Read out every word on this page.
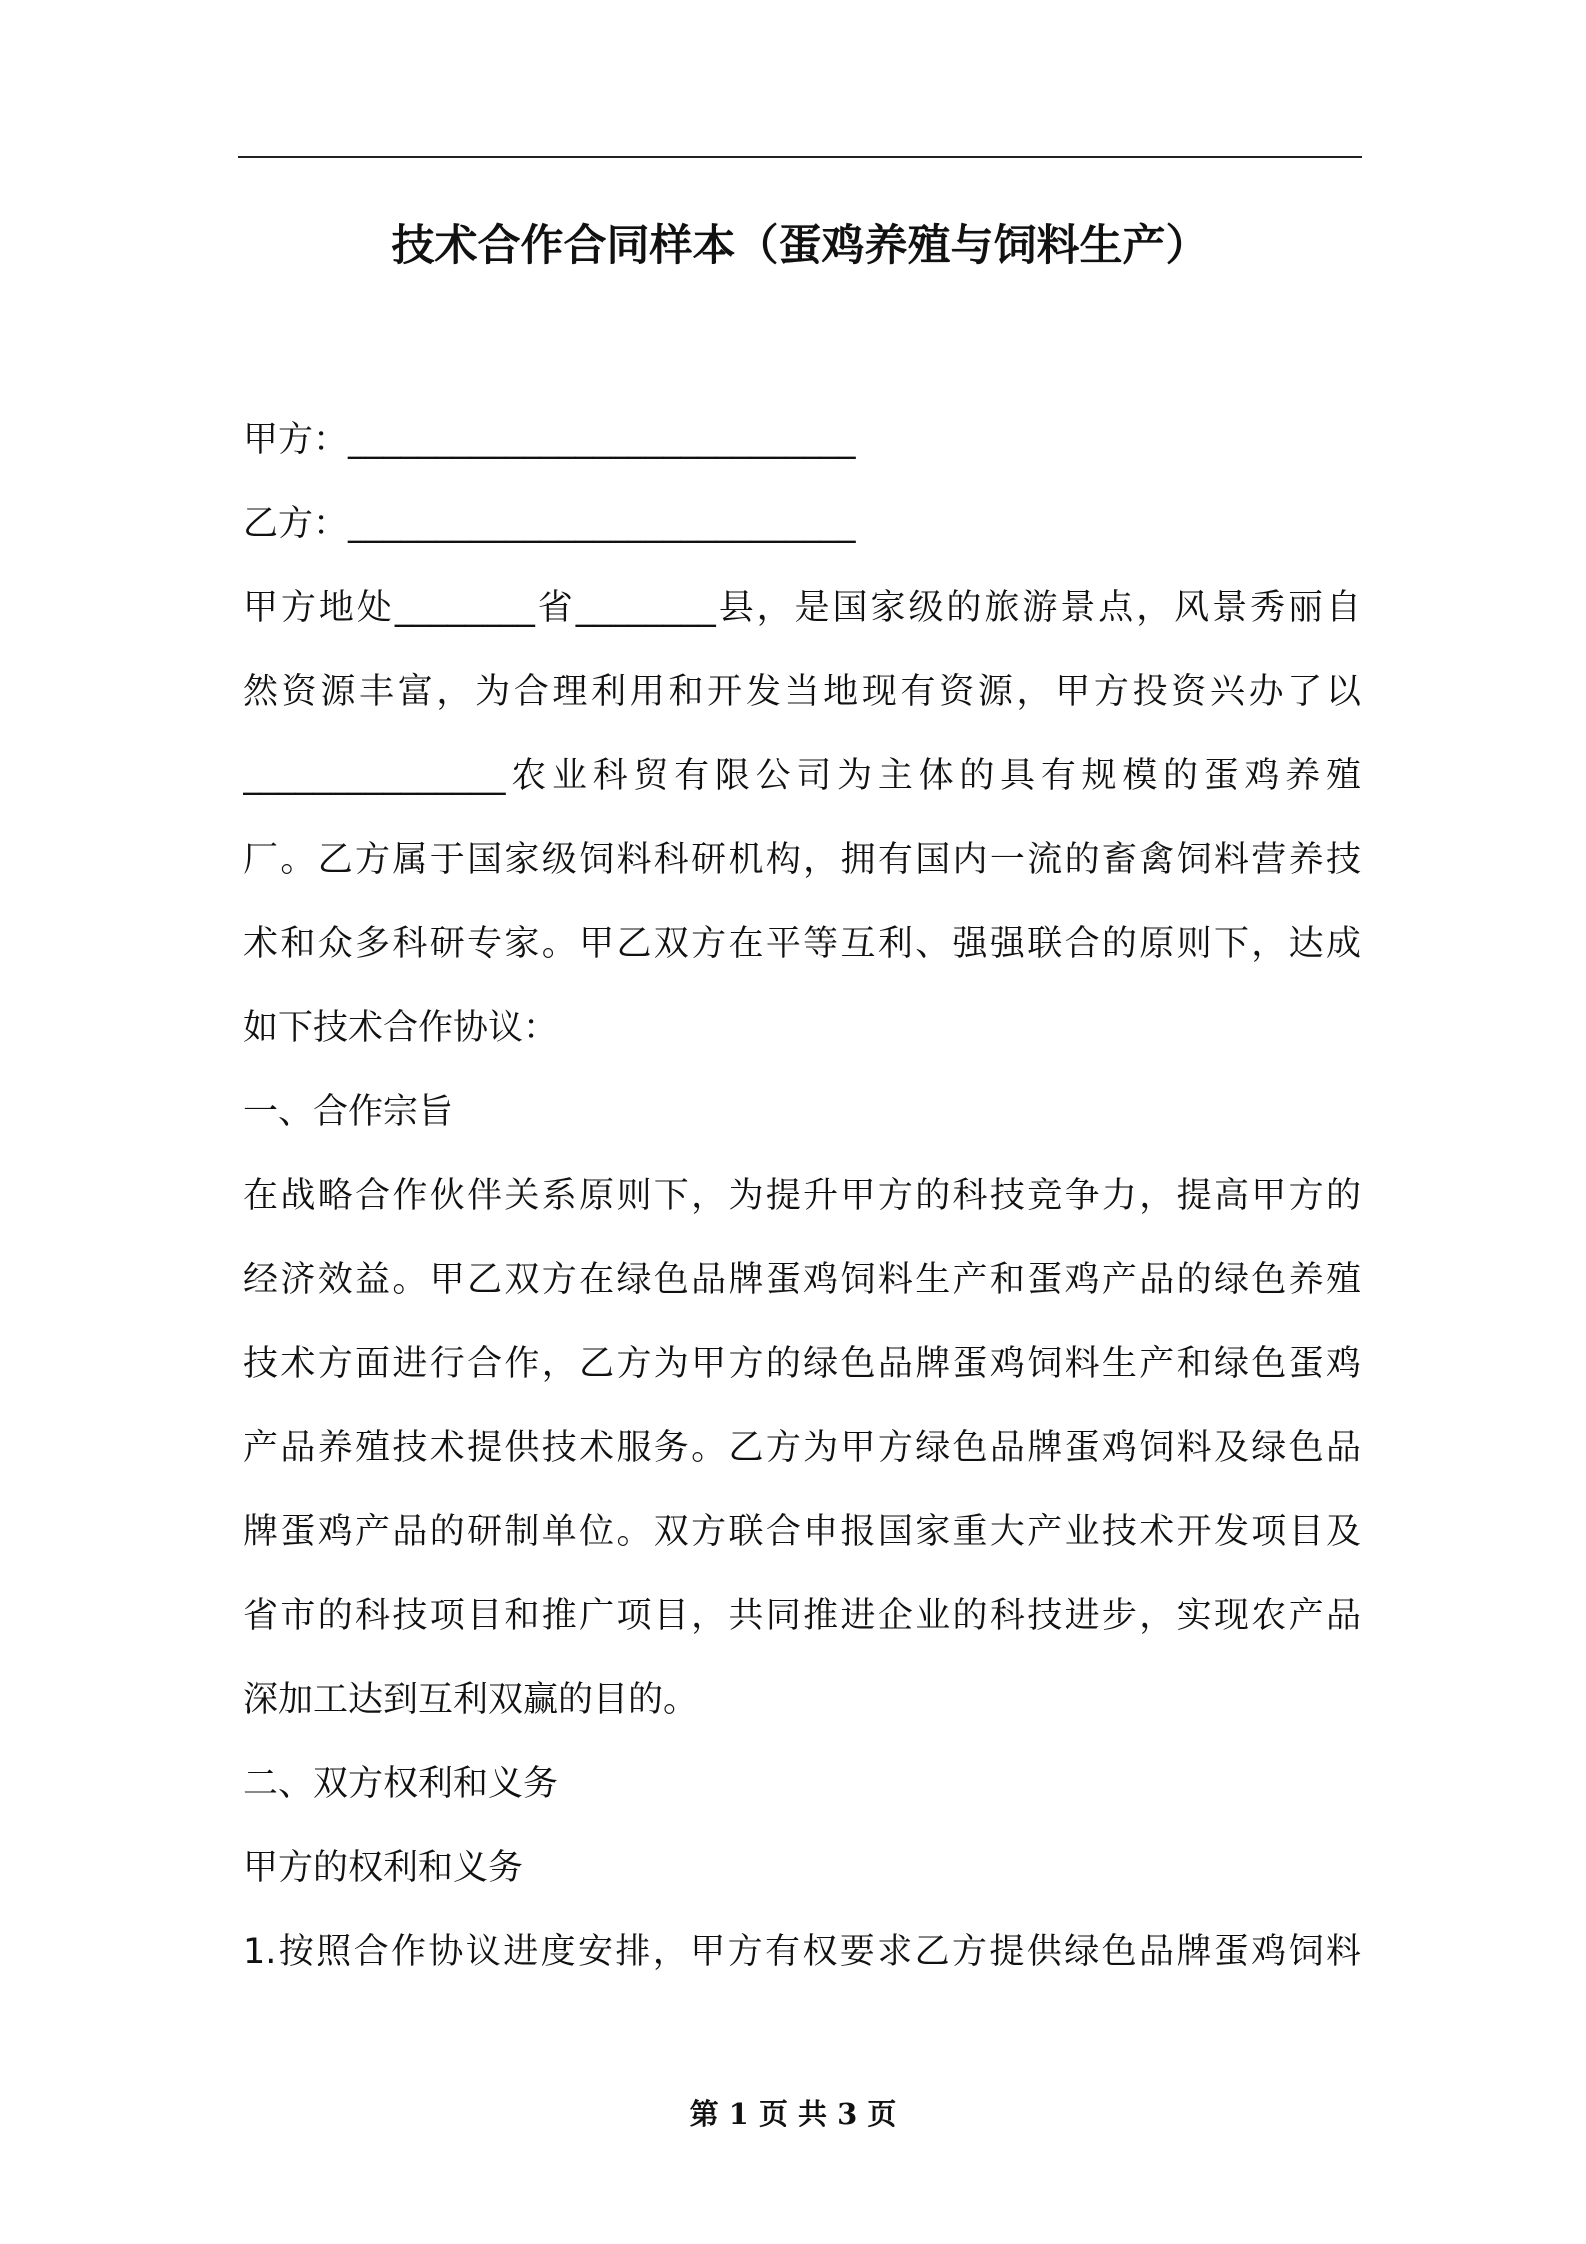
技术合作合同样本（蛋鸡养殖与饲料生产）
甲方：_____________________________
乙方：_____________________________
甲方地处________省________县，是国家级的旅游景点，风景秀丽自
然资源丰富，为合理利用和开发当地现有资源，甲方投资兴办了以
_______________农业科贸有限公司为主体的具有规模的蛋鸡养殖
厂。乙方属于国家级饲料科研机构，拥有国内一流的畜禽饲料营养技
术和众多科研专家。甲乙双方在平等互利、强强联合的原则下，达成
如下技术合作协议：
一、合作宗旨
在战略合作伙伴关系原则下，为提升甲方的科技竞争力，提高甲方的
经济效益。甲乙双方在绿色品牌蛋鸡饲料生产和蛋鸡产品的绿色养殖
技术方面进行合作，乙方为甲方的绿色品牌蛋鸡饲料生产和绿色蛋鸡
产品养殖技术提供技术服务。乙方为甲方绿色品牌蛋鸡饲料及绿色品
牌蛋鸡产品的研制单位。双方联合申报国家重大产业技术开发项目及
省市的科技项目和推广项目，共同推进企业的科技进步，实现农产品
深加工达到互利双赢的目的。
二、双方权利和义务
甲方的权利和义务
1.按照合作协议进度安排，甲方有权要求乙方提供绿色品牌蛋鸡饲料
第 1 页 共 3 页
